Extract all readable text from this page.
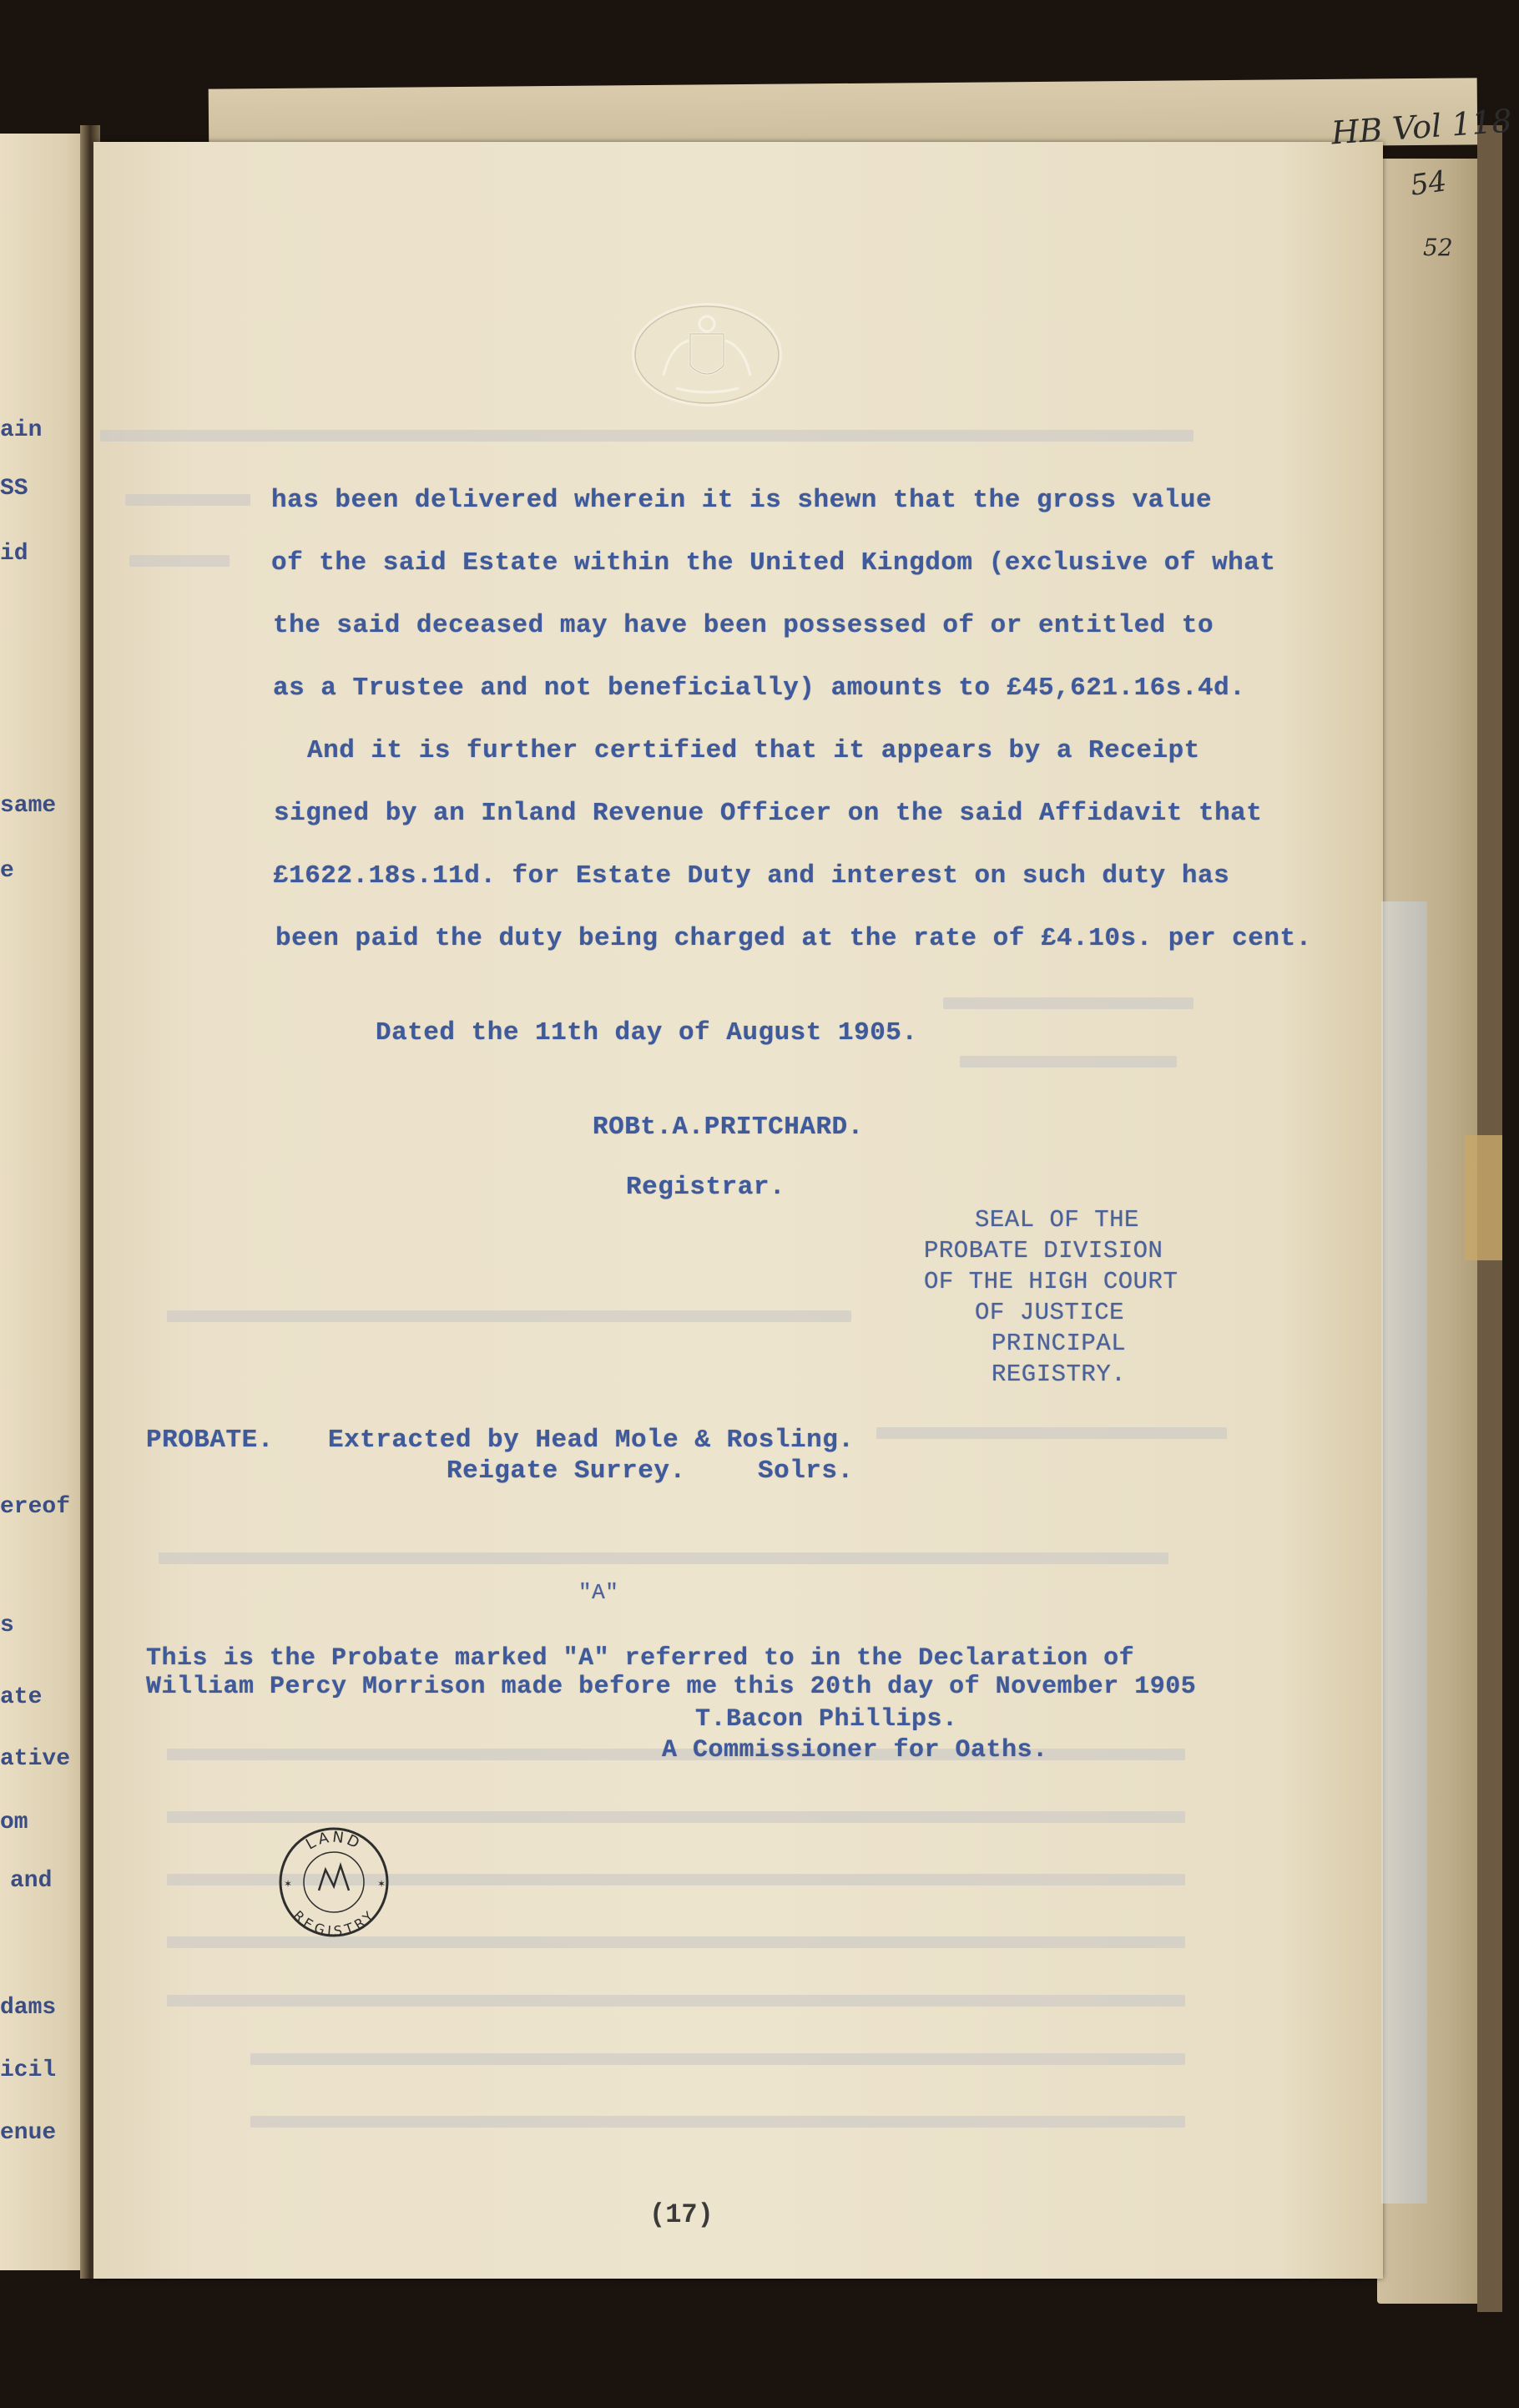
ain
SS
id
same
e
ereof
s
ate
ative
om
and
dams
icil
enue
has been delivered wherein it is shewn that the gross value
of the said Estate within the United Kingdom (exclusive of what
the said deceased may have been possessed of or entitled to
as a Trustee and not beneficially) amounts to £45,621.16s.4d.
And it is further certified that it appears by a Receipt
signed by an Inland Revenue Officer on the said Affidavit that
£1622.18s.11d. for Estate Duty and interest on such duty has
been paid the duty being charged at the rate of £4.10s. per cent.
Dated the 11th day of August 1905.
ROBt.A.PRITCHARD.
Registrar.
SEAL OF THE
PROBATE DIVISION
OF THE HIGH COURT
OF JUSTICE
PRINCIPAL
REGISTRY.
PROBATE. Extracted by Head Mole & Rosling.
Reigate Surrey.	Solrs.
"A"
This is the Probate marked "A" referred to in the Declaration of
William Percy Morrison made before me this 20th day of November 1905
T.Bacon Phillips.
A Commissioner for Oaths.
LAND
REGISTRY
✶	✶
HB Vol 118
54
52
(17)
